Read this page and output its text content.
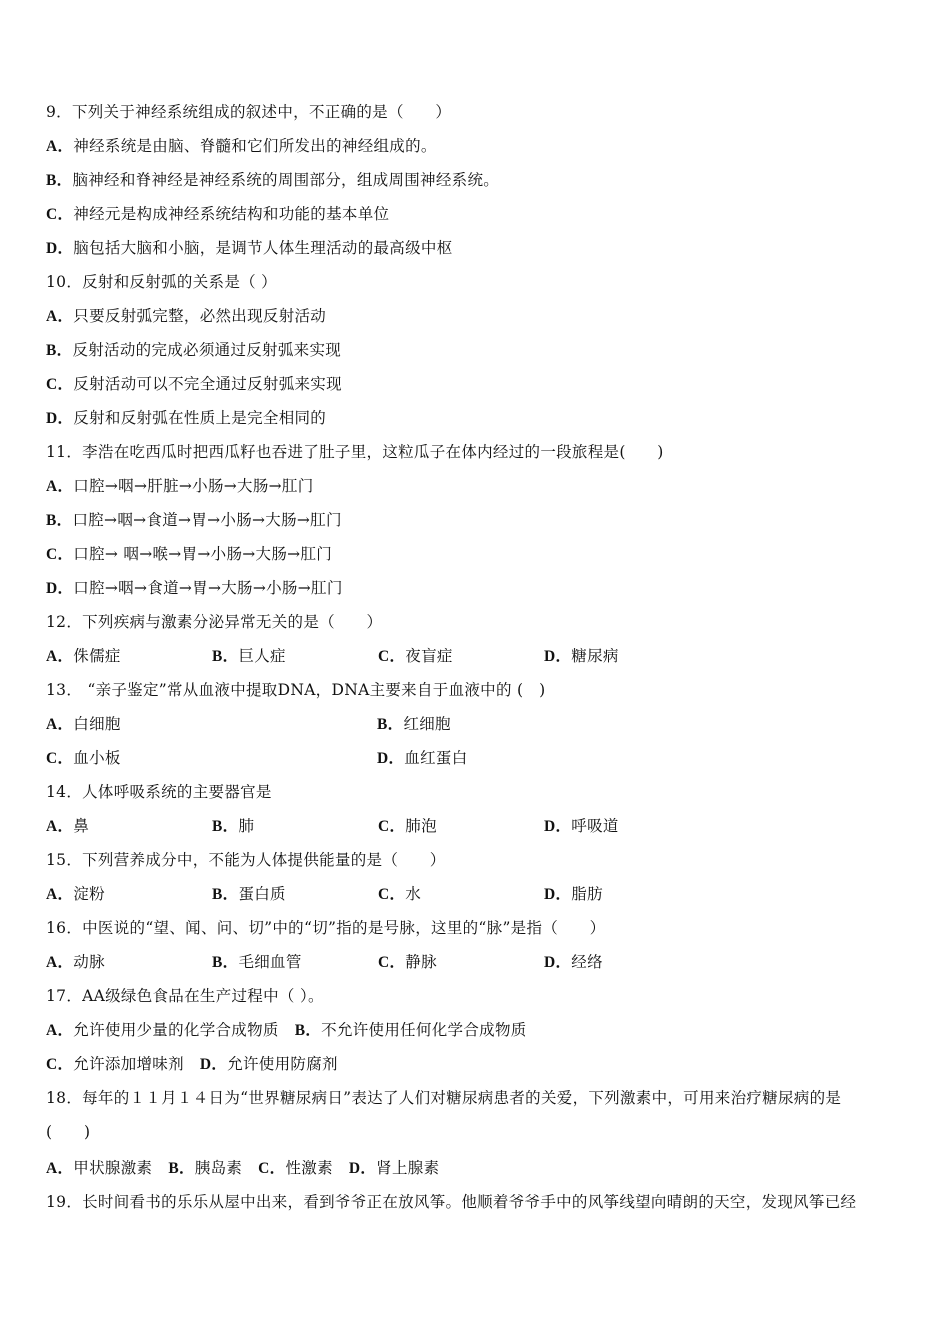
9．下列关于神经系统组成的叙述中，不正确的是（　　）
A．神经系统是由脑、脊髓和它们所发出的神经组成的。
B．脑神经和脊神经是神经系统的周围部分，组成周围神经系统。
C．神经元是构成神经系统结构和功能的基本单位
D．脑包括大脑和小脑，是调节人体生理活动的最高级中枢
10．反射和反射弧的关系是（ ）
A．只要反射弧完整，必然出现反射活动
B．反射活动的完成必须通过反射弧来实现
C．反射活动可以不完全通过反射弧来实现
D．反射和反射弧在性质上是完全相同的
11．李浩在吃西瓜时把西瓜籽也吞进了肚子里，这粒瓜子在体内经过的一段旅程是(　　)
A．口腔→咽→肝脏→小肠→大肠→肛门
B．口腔→咽→食道→胃→小肠→大肠→肛门
C．口腔→ 咽→喉→胃→小肠→大肠→肛门
D．口腔→咽→食道→胃→大肠→小肠→肛门
12．下列疾病与激素分泌异常无关的是（　　）
A．侏儒症	B．巨人症	C．夜盲症	D．糖尿病
13． “亲子鉴定”常从血液中提取DNA，DNA主要来自于血液中的 (　)
A．白细胞	B．红细胞
C．血小板	D．血红蛋白
14．人体呼吸系统的主要器官是
A．鼻	B．肺	C．肺泡	D．呼吸道
15．下列营养成分中，不能为人体提供能量的是（　　）
A．淀粉	B．蛋白质	C．水	D．脂肪
16．中医说的“望、闻、问、切”中的“切”指的是号脉，这里的“脉”是指（　　）
A．动脉	B．毛细血管	C．静脉	D．经络
17．AA级绿色食品在生产过程中（ ）。
A．允许使用少量的化学合成物质 B．不允许使用任何化学合成物质
C．允许添加增味剂 D．允许使用防腐剂
18．每年的１１月１４日为“世界糖尿病日”表达了人们对糖尿病患者的关爱，下列激素中，可用来治疗糖尿病的是
(　　)
A．甲状腺激素 B．胰岛素 C．性激素 D．肾上腺素
19．长时间看书的乐乐从屋中出来，看到爷爷正在放风筝。他顺着爷爷手中的风筝线望向晴朗的天空，发现风筝已经
